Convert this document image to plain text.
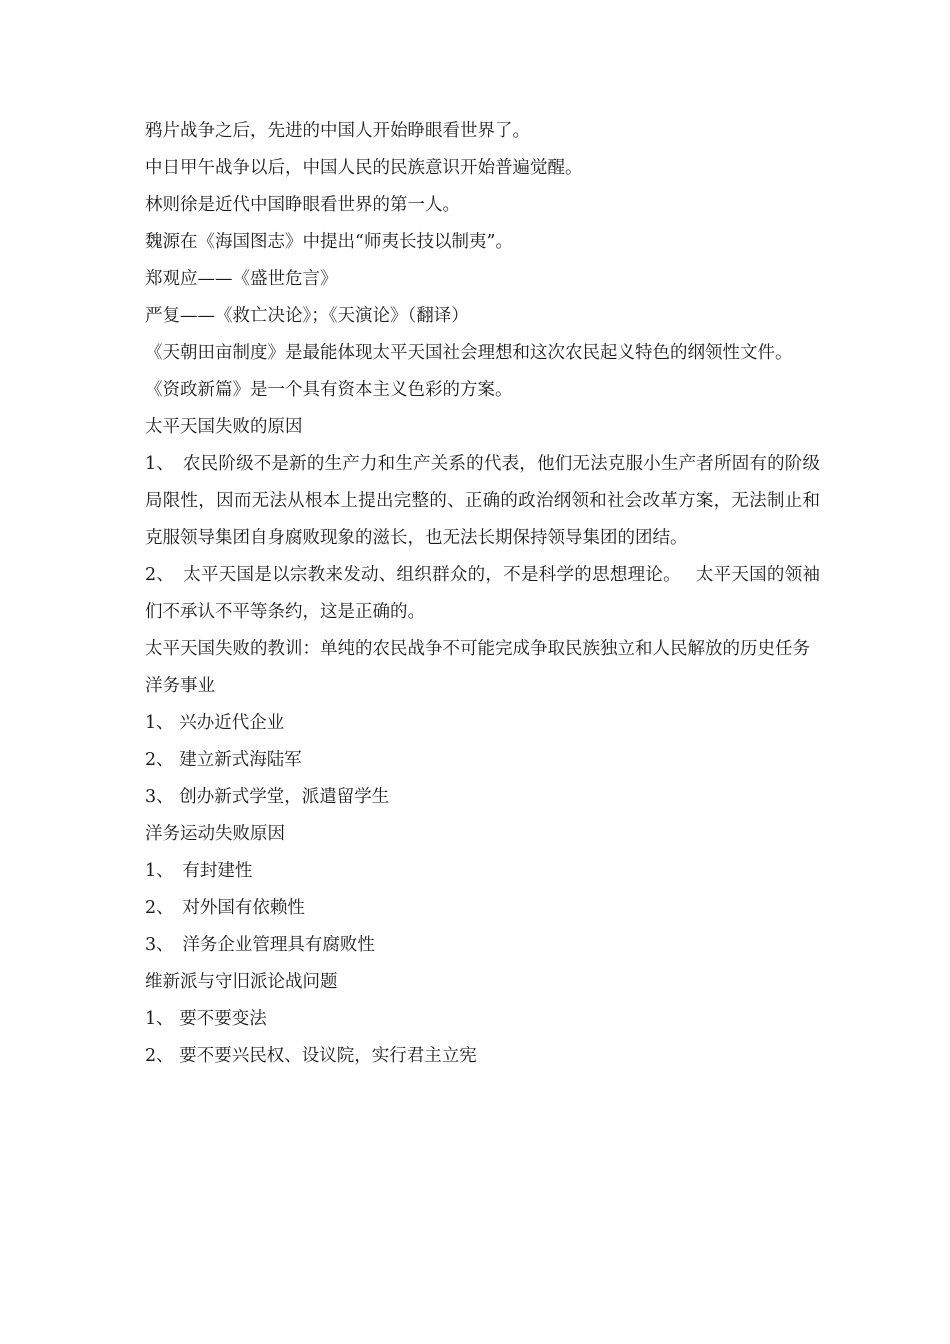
鸦片战争之后，先进的中国人开始睁眼看世界了。

中日甲午战争以后，中国人民的民族意识开始普遍觉醒。

林则徐是近代中国睁眼看世界的第一人。

魏源在《海国图志》中提出“师夷长技以制夷”。

郑观应——《盛世危言》

严复——《救亡决论》；《天演论》（翻译）

《天朝田亩制度》是最能体现太平天国社会理想和这次农民起义特色的纲领性文件。

《资政新篇》是一个具有资本主义色彩的方案。

太平天国失败的原因

1、　农民阶级不是新的生产力和生产关系的代表，他们无法克服小生产者所固有的阶级局限性，因而无法从根本上提出完整的、正确的政治纲领和社会改革方案，无法制止和克服领导集团自身腐败现象的滋长，也无法长期保持领导集团的团结。

2、　太平天国是以宗教来发动、组织群众的，不是科学的思想理论。　 太平天国的领袖们不承认不平等条约，这是正确的。

太平天国失败的教训：单纯的农民战争不可能完成争取民族独立和人民解放的历史任务

洋务事业

1、 兴办近代企业

2、 建立新式海陆军

3、 创办新式学堂，派遣留学生

洋务运动失败原因

1、　有封建性

2、　对外国有依赖性

3、　洋务企业管理具有腐败性

维新派与守旧派论战问题

1、 要不要变法

2、 要不要兴民权、设议院，实行君主立宪
